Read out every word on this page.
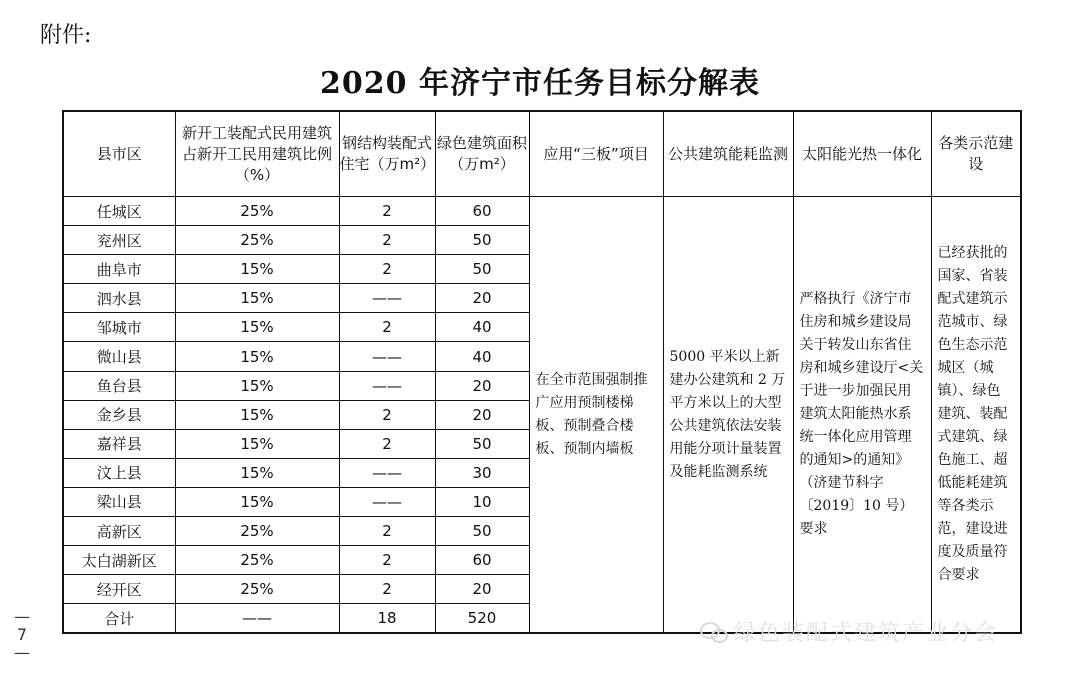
附件:
2020 年济宁市任务目标分解表
县市区	新开工装配式民用建筑占新开工民用建筑比例（%）	钢结构装配式住宅（万m²）	绿色建筑面积（万m²）	应用“三板”项目	公共建筑能耗监测	太阳能光热一体化	各类示范建设
任城区	25%	2	60	在全市范围强制推广应用预制楼梯板、预制叠合楼板、预制内墙板	5000 平米以上新建办公建筑和 2 万平方米以上的大型公共建筑依法安装用能分项计量装置及能耗监测系统	严格执行《济宁市住房和城乡建设局关于转发山东省住房和城乡建设厅<关于进一步加强民用建筑太阳能热水系统一体化应用管理的通知>的通知》（济建节科字〔2019〕10 号）要求	已经获批的国家、省装配式建筑示范城市、绿色生态示范城区（城镇）、绿色建筑、装配式建筑、绿色施工、超低能耗建筑等各类示范，建设进度及质量符合要求
兖州区	25%	2	50				
曲阜市	15%	2	50				
泗水县	15%	——	20				
邹城市	15%	2	40				
微山县	15%	——	40				
鱼台县	15%	——	20				
金乡县	15%	2	20				
嘉祥县	15%	2	50				
汶上县	15%	——	30				
梁山县	15%	——	10				
高新区	25%	2	50				
太白湖新区	25%	2	60				
经开区	25%	2	20				
合计	——	18	520				
— 7 —
绿色装配式建筑产业分会
